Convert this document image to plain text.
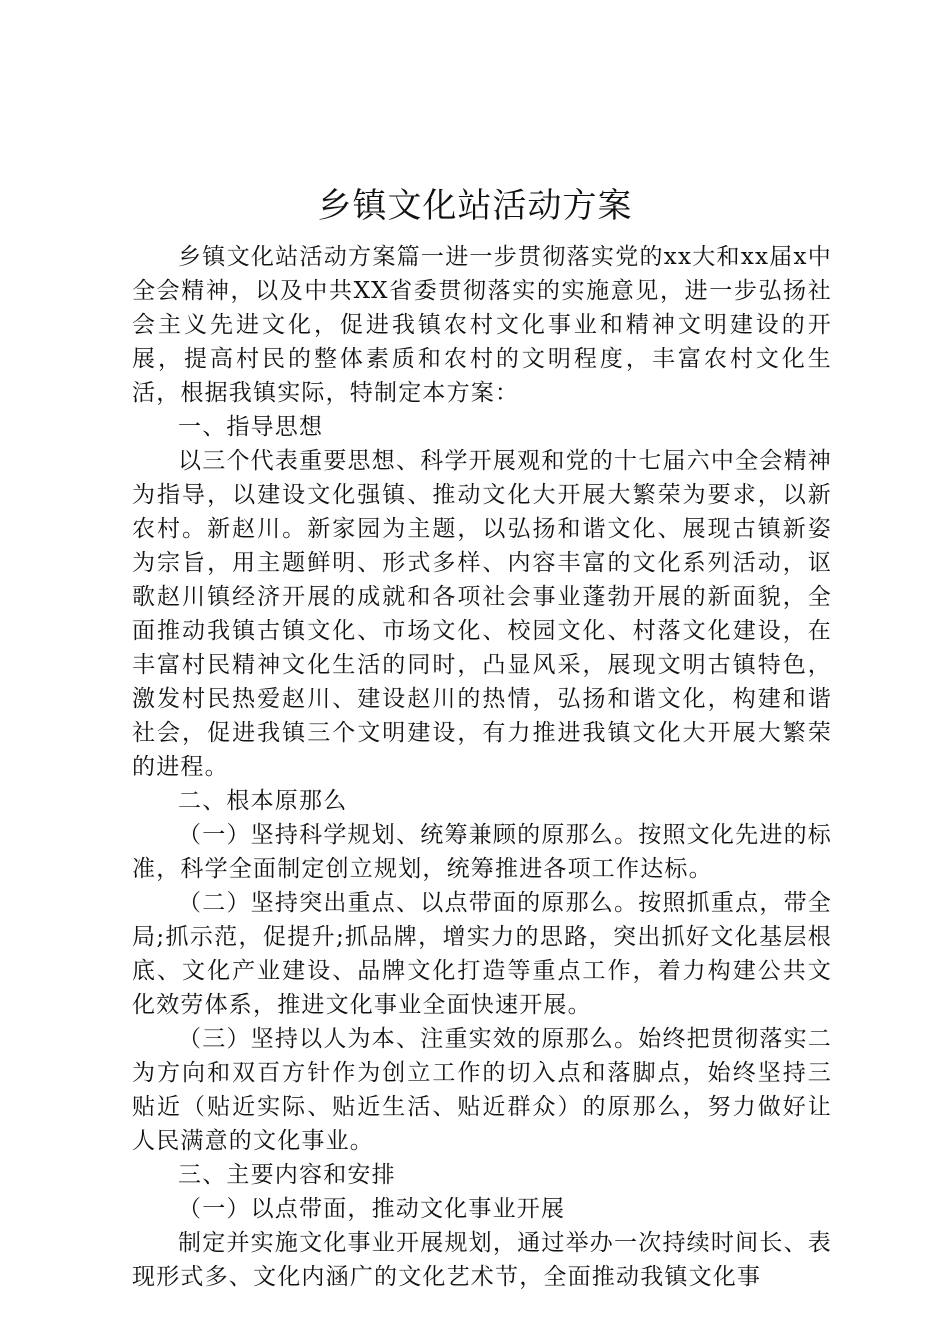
乡镇文化站活动方案

乡镇文化站活动方案篇一进一步贯彻落实党的xx大和xx届x中全会精神，以及中共XX省委贯彻落实的实施意见，进一步弘扬社会主义先进文化，促进我镇农村文化事业和精神文明建设的开展，提高村民的整体素质和农村的文明程度，丰富农村文化生活，根据我镇实际，特制定本方案：

一、指导思想

以三个代表重要思想、科学开展观和党的十七届六中全会精神为指导，以建设文化强镇、推动文化大开展大繁荣为要求，以新农村。新赵川。新家园为主题，以弘扬和谐文化、展现古镇新姿为宗旨，用主题鲜明、形式多样、内容丰富的文化系列活动，讴歌赵川镇经济开展的成就和各项社会事业蓬勃开展的新面貌，全面推动我镇古镇文化、市场文化、校园文化、村落文化建设，在丰富村民精神文化生活的同时，凸显风采，展现文明古镇特色，激发村民热爱赵川、建设赵川的热情，弘扬和谐文化，构建和谐社会，促进我镇三个文明建设，有力推进我镇文化大开展大繁荣的进程。

二、根本原那么

（一）坚持科学规划、统筹兼顾的原那么。按照文化先进的标准，科学全面制定创立规划，统筹推进各项工作达标。

（二）坚持突出重点、以点带面的原那么。按照抓重点，带全局;抓示范，促提升;抓品牌，增实力的思路，突出抓好文化基层根底、文化产业建设、品牌文化打造等重点工作，着力构建公共文化效劳体系，推进文化事业全面快速开展。

（三）坚持以人为本、注重实效的原那么。始终把贯彻落实二为方向和双百方针作为创立工作的切入点和落脚点，始终坚持三贴近（贴近实际、贴近生活、贴近群众）的原那么，努力做好让人民满意的文化事业。

三、主要内容和安排

（一）以点带面，推动文化事业开展

制定并实施文化事业开展规划，通过举办一次持续时间长、表现形式多、文化内涵广的文化艺术节，全面推动我镇文化事
